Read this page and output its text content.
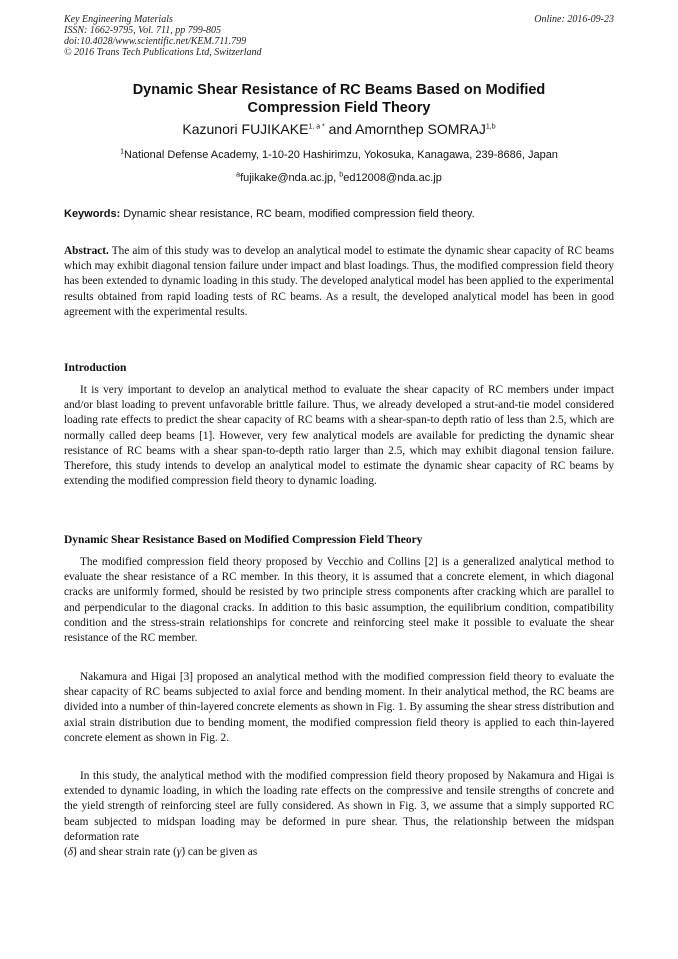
Key Engineering Materials
ISSN: 1662-9795, Vol. 711, pp 799-805
doi:10.4028/www.scientific.net/KEM.711.799
© 2016 Trans Tech Publications Ltd, Switzerland
Online: 2016-09-23
Dynamic Shear Resistance of RC Beams Based on Modified
Compression Field Theory
Kazunori $FUJIKAKE^{1, a *}$ and Amornthep SOMRAJ$^{1,b}$
$^1$National Defense Academy, 1-10-20 Hashirimzu, Yokosuka, Kanagawa, 239-8686, Japan
$^a$fujikake@nda.ac.jp, $^b$ed12008@nda.ac.jp
Keywords: Dynamic shear resistance, RC beam, modified compression field theory.
Abstract. The aim of this study was to develop an analytical model to estimate the dynamic shear capacity of RC beams which may exhibit diagonal tension failure under impact and blast loadings. Thus, the modified compression field theory has been extended to dynamic loading in this study. The developed analytical model has been applied to the experimental results obtained from rapid loading tests of RC beams. As a result, the developed analytical model has been in good agreement with the experimental results.
Introduction
It is very important to develop an analytical method to evaluate the shear capacity of RC members under impact and/or blast loading to prevent unfavorable brittle failure. Thus, we already developed a strut-and-tie model considered loading rate effects to predict the shear capacity of RC beams with a shear-span-to depth ratio of less than 2.5, which are normally called deep beams [1]. However, very few analytical models are available for predicting the dynamic shear resistance of RC beams with a shear span-to-depth ratio larger than 2.5, which may exhibit diagonal tension failure. Therefore, this study intends to develop an analytical model to estimate the dynamic shear capacity of RC beams by extending the modified compression field theory to dynamic loading.
Dynamic Shear Resistance Based on Modified Compression Field Theory
The modified compression field theory proposed by Vecchio and Collins [2] is a generalized analytical method to evaluate the shear resistance of a RC member. In this theory, it is assumed that a concrete element, in which diagonal cracks are uniformly formed, should be resisted by two principle stress components after cracking which are parallel to and perpendicular to the diagonal cracks. In addition to this basic assumption, the equilibrium condition, compatibility condition and the stress-strain relationships for concrete and reinforcing steel make it possible to evaluate the shear resistance of the RC member.
Nakamura and Higai [3] proposed an analytical method with the modified compression field theory to evaluate the shear capacity of RC beams subjected to axial force and bending moment. In their analytical method, the RC beams are divided into a number of thin-layered concrete elements as shown in Fig. 1. By assuming the shear stress distribution and axial strain distribution due to bending moment, the modified compression field theory is applied to each thin-layered concrete element as shown in Fig. 2.
In this study, the analytical method with the modified compression field theory proposed by Nakamura and Higai is extended to dynamic loading, in which the loading rate effects on the compressive and tensile strengths of concrete and the yield strength of reinforcing steel are fully considered. As shown in Fig. 3, we assume that a simply supported RC beam subjected to midspan loading may be deformed in pure shear. Thus, the relationship between the midspan deformation rate
(δ̇) and shear strain rate (γ̇) can be given as
